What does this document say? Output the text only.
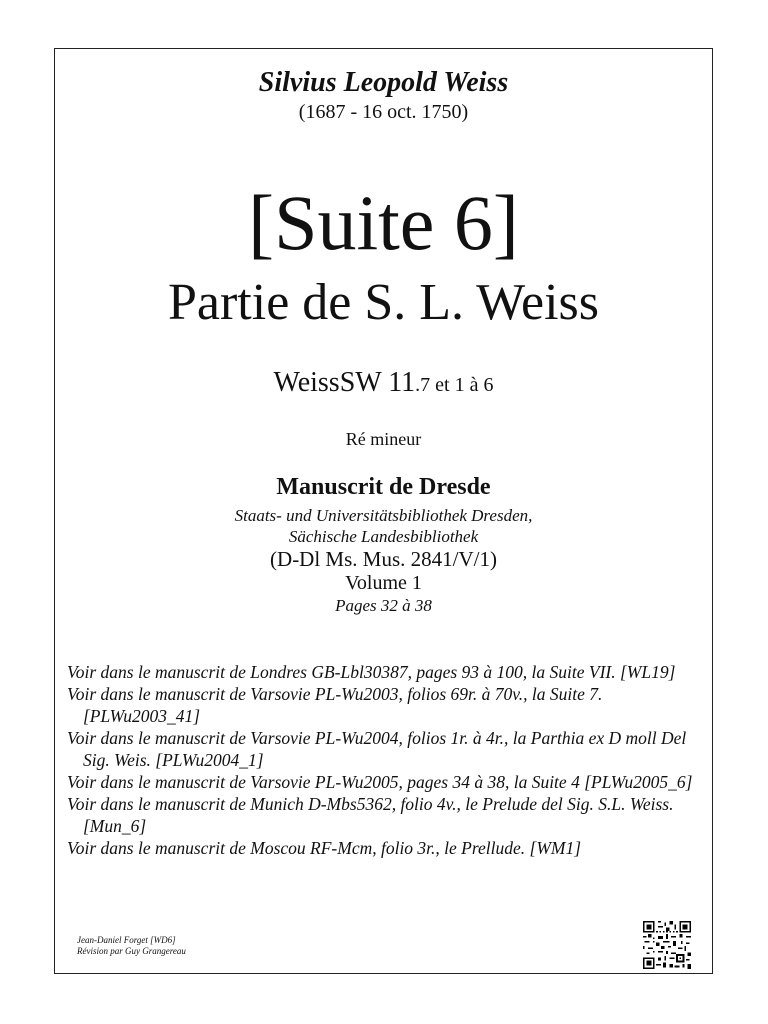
Silvius Leopold Weiss
(1687 - 16 oct. 1750)
[Suite 6]
Partie de S. L. Weiss
WeissSW 11.7 et 1 à 6
Ré mineur
Manuscrit de Dresde
Staats- und Universitätsbibliothek Dresden,
Sächische Landesbibliothek
(D-Dl Ms. Mus. 2841/V/1)
Volume 1
Pages 32 à 38
Voir dans le manuscrit de Londres GB-Lbl30387, pages 93 à 100, la Suite VII. [WL19]
Voir dans le manuscrit de Varsovie PL-Wu2003, folios 69r. à 70v., la Suite 7. [PLWu2003_41]
Voir dans le manuscrit de Varsovie PL-Wu2004, folios 1r. à 4r., la Parthia ex D moll Del Sig. Weis. [PLWu2004_1]
Voir dans le manuscrit de Varsovie PL-Wu2005, pages 34 à 38, la Suite 4 [PLWu2005_6]
Voir dans le manuscrit de Munich D-Mbs5362, folio 4v., le Prelude del Sig. S.L. Weiss. [Mun_6]
Voir dans le manuscrit de Moscou RF-Mcm, folio 3r., le Prellude. [WM1]
Jean-Daniel Forget [WD6]
Révision par Guy Grangereau
